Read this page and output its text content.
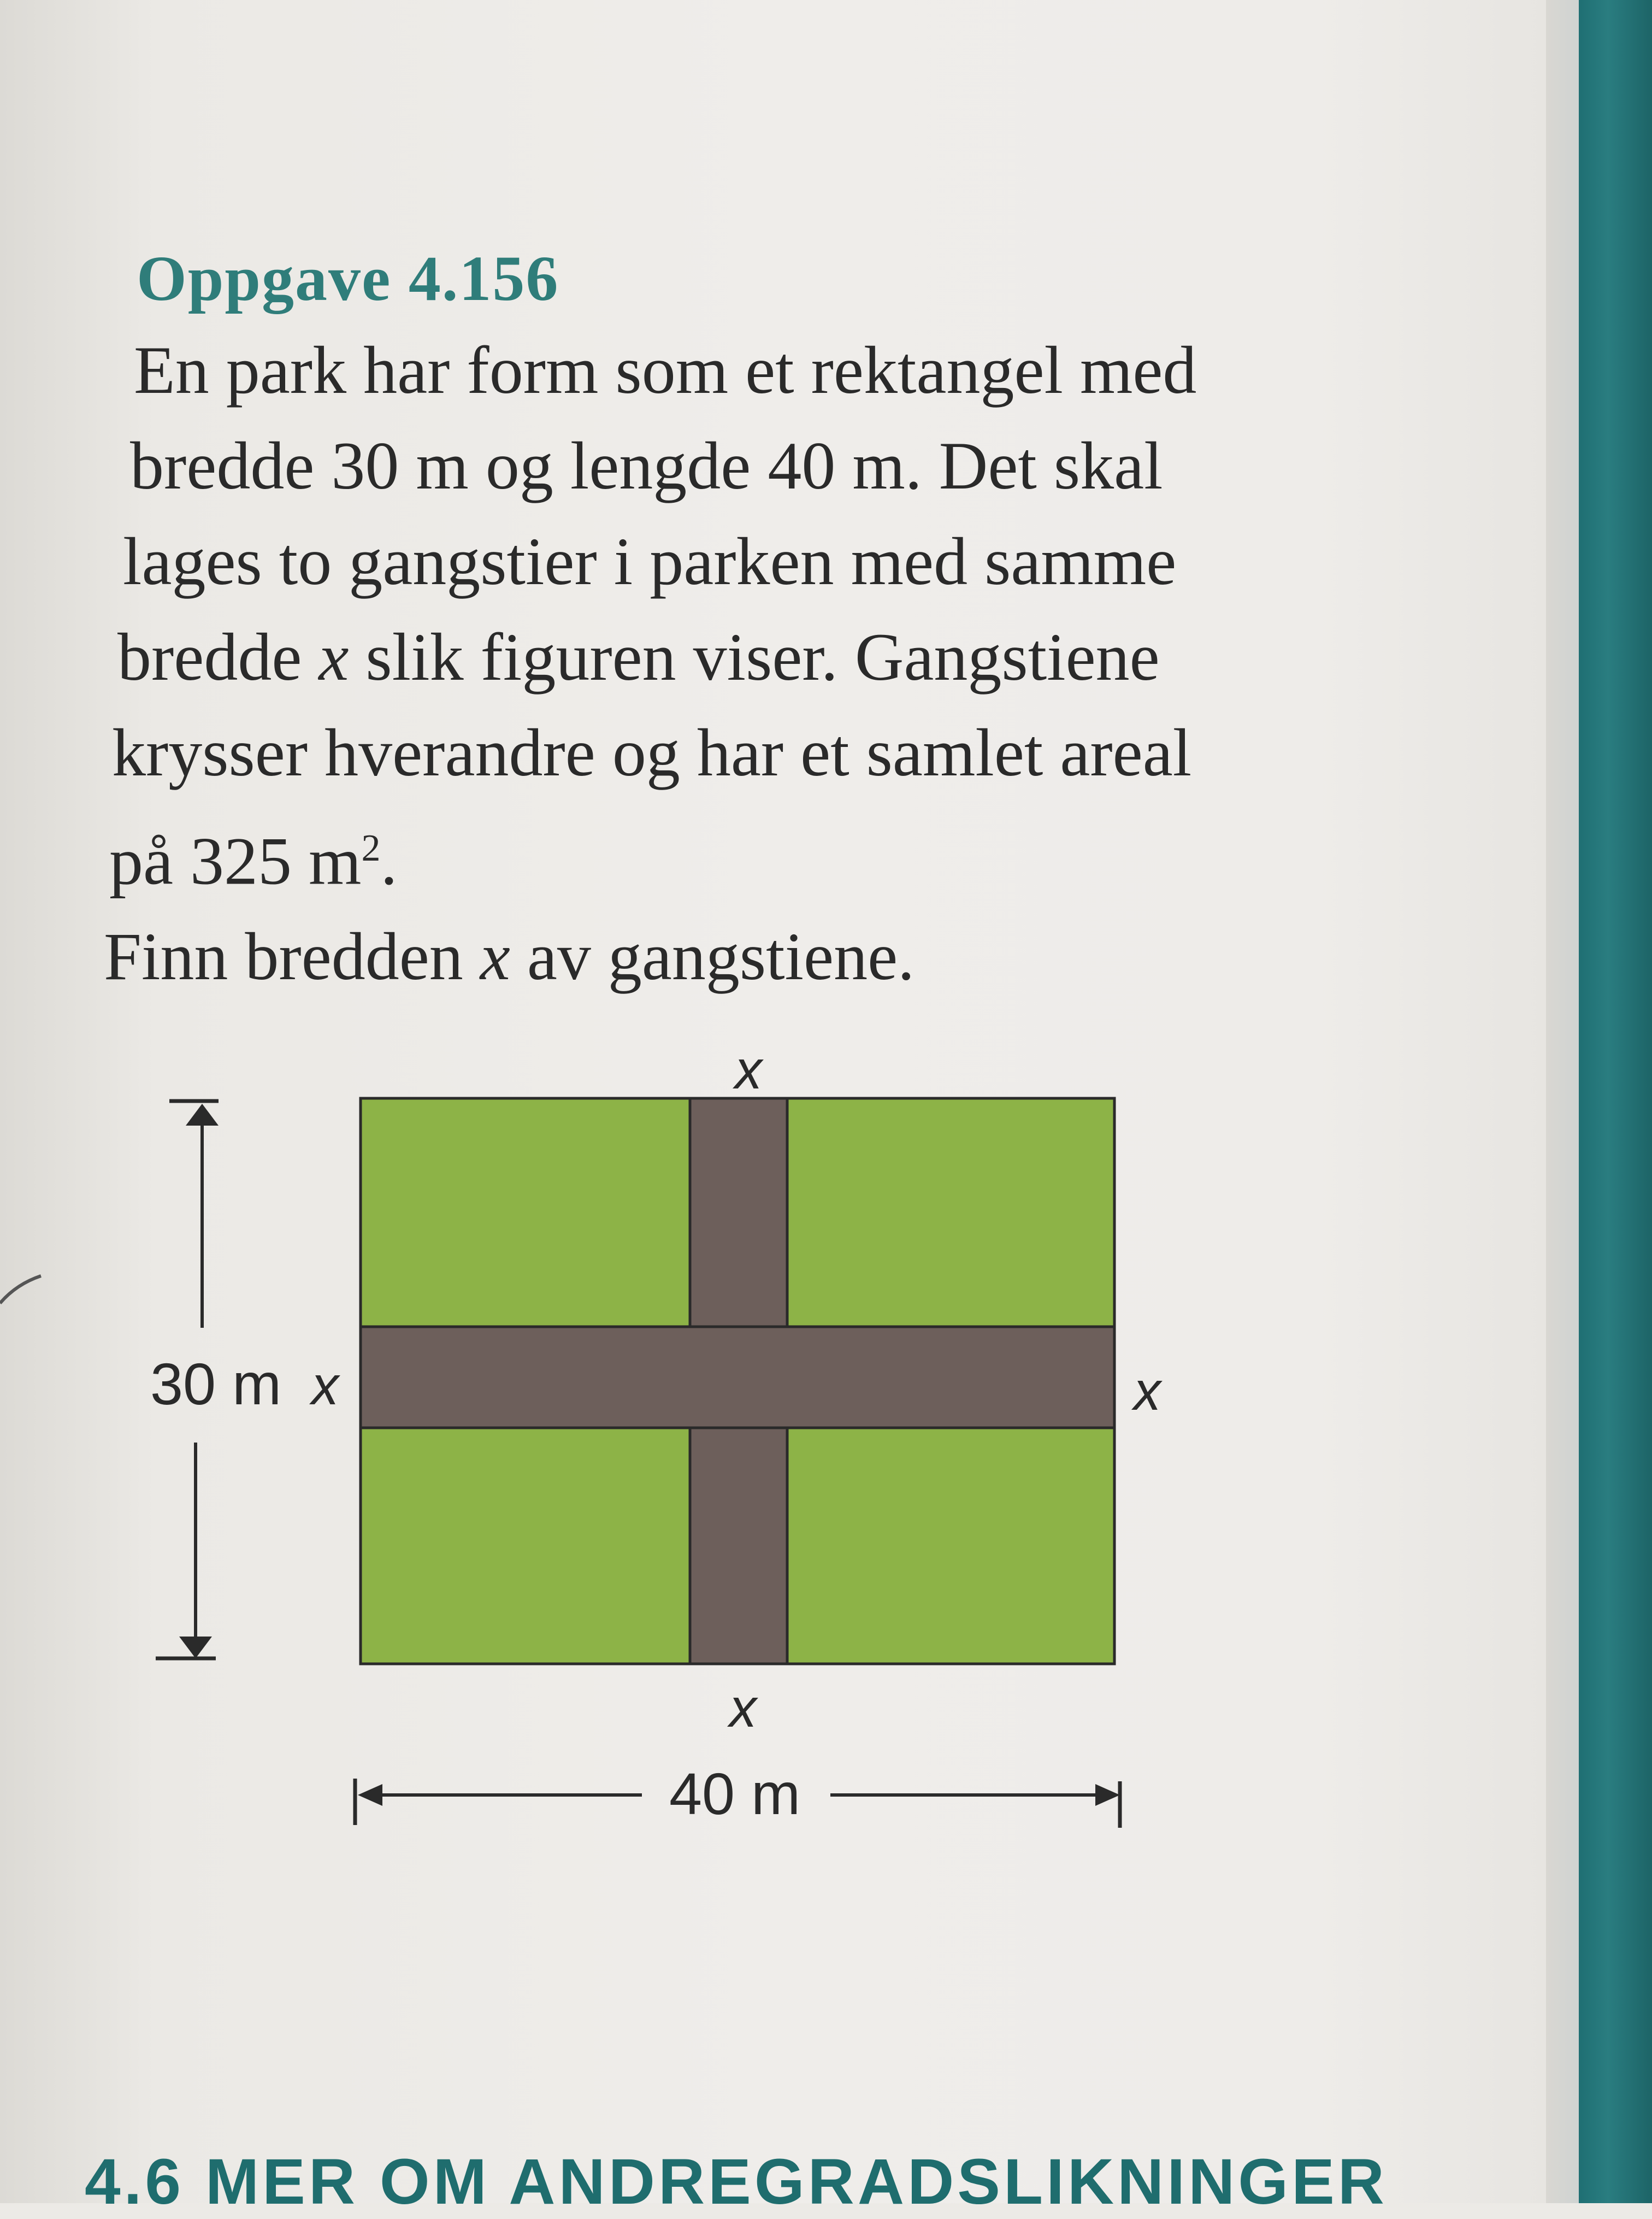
Oppgave 4.156

En park har form som et rektangel med

bredde 30 m og lengde 40 m. Det skal

lages to gangstier i parken med samme

bredde x slik figuren viser. Gangstiene

krysser hverandre og har et samlet areal

på 325 $m^2$.

Finn bredden x av gangstiene.

x
x	x
x
30 m
40 m
4.6 MER OM ANDREGRADSLIKNINGER
